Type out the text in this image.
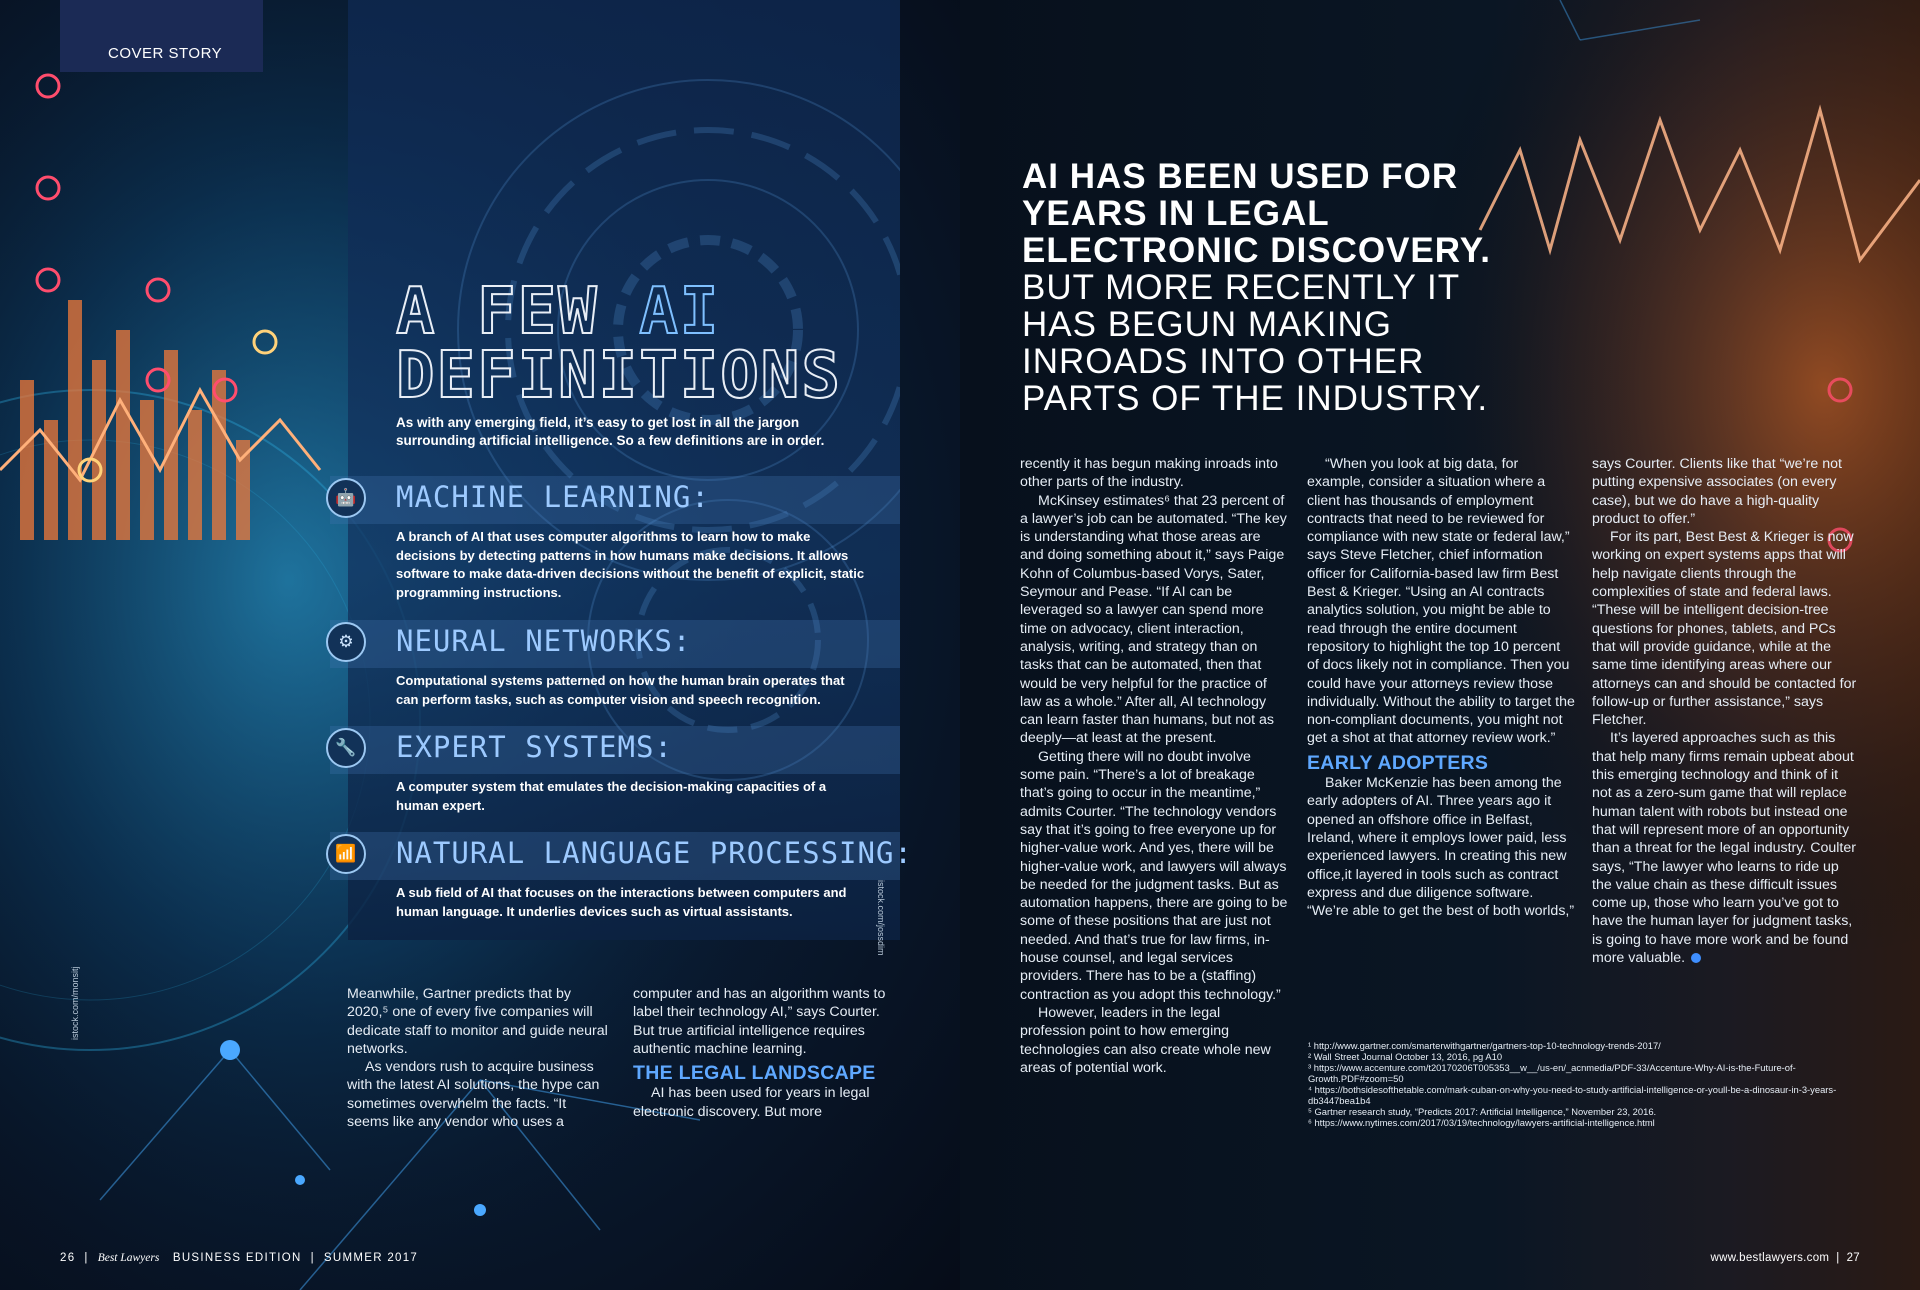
COVER STORY
A FEW AI
DEFINITIONS
As with any emerging field, it’s easy to get lost in all the jargon surrounding artificial intelligence. So a few definitions are in order.
🤖	MACHINE LEARNING:
A branch of AI that uses computer algorithms to learn how to make decisions by detecting patterns in how humans make decisions. It allows software to make data-driven decisions without the benefit of explicit, static programming instructions.
⚙	NEURAL NETWORKS:
Computational systems patterned on how the human brain operates that can perform tasks, such as computer vision and speech recognition.
🔧	EXPERT SYSTEMS:
A computer system that emulates the decision-making capacities of a human expert.
📶	NATURAL LANGUAGE PROCESSING:
A sub field of AI that focuses on the interactions between computers and human language. It underlies devices such as virtual assistants.	istock.com/jossdim
istock.com/monsitj	Meanwhile, Gartner predicts that by 2020,⁵ one of every five companies will dedicate staff to monitor and guide neural networks.

As vendors rush to acquire business with the latest AI solutions, the hype can sometimes overwhelm the facts. “It seems like any vendor who uses a

computer and has an algorithm wants to label their technology AI,” says Courter. But true artificial intelligence requires authentic machine learning.

THE LEGAL LANDSCAPE

AI has been used for years in legal electronic discovery. But more

26  |  Best Lawyers BUSINESS EDITION  |  SUMMER 2017
AI HAS BEEN USED FOR YEARS IN LEGAL ELECTRONIC DISCOVERY.
BUT MORE RECENTLY IT HAS BEGUN MAKING INROADS INTO OTHER PARTS OF THE INDUSTRY.

recently it has begun making inroads into other parts of the industry.

McKinsey estimates⁶ that 23 percent of a lawyer’s job can be automated. “The key is understanding what those areas are and doing something about it,” says Paige Kohn of Columbus-based Vorys, Sater, Seymour and Pease. “If AI can be leveraged so a lawyer can spend more time on advocacy, client interaction, analysis, writing, and strategy than on tasks that can be automated, then that would be very helpful for the practice of law as a whole.” After all, AI technology can learn faster than humans, but not as deeply—at least at the present.

Getting there will no doubt involve some pain. “There’s a lot of breakage that’s going to occur in the meantime,” admits Courter. “The technology vendors say that it’s going to free everyone up for higher-value work. And yes, there will be higher-value work, and lawyers will always be needed for the judgment tasks. But as automation happens, there are going to be some of these positions that are just not needed. And that’s true for law firms, in-house counsel, and legal services providers. There has to be a (staffing) contraction as you adopt this technology.”

However, leaders in the legal profession point to how emerging technologies can also create whole new areas of potential work.

“When you look at big data, for example, consider a situation where a client has thousands of employment contracts that need to be reviewed for compliance with new state or federal law,” says Steve Fletcher, chief information officer for California-based law firm Best Best & Krieger. “Using an AI contracts analytics solution, you might be able to read through the entire document repository to highlight the top 10 percent of docs likely not in compliance. Then you could have your attorneys review those individually. Without the ability to target the non-compliant documents, you might not get a shot at that attorney review work.”

EARLY ADOPTERS

Baker McKenzie has been among the early adopters of AI. Three years ago it opened an offshore office in Belfast, Ireland, where it employs lower paid, less experienced lawyers. In creating this new office,it layered in tools such as contract express and due diligence software. “We’re able to get the best of both worlds,”

says Courter. Clients like that “we’re not putting expensive associates (on every case), but we do have a high-quality product to offer.”

For its part, Best Best & Krieger is now working on expert systems apps that will help navigate clients through the complexities of state and federal laws. “These will be intelligent decision-tree questions for phones, tablets, and PCs that will provide guidance, while at the same time identifying areas where our attorneys can and should be contacted for follow-up or further assistance,” says Fletcher.

It’s layered approaches such as this that help many firms remain upbeat about this emerging technology and think of it not as a zero-sum game that will replace human talent with robots but instead one that will represent more of an opportunity than a threat for the legal industry. Coulter says, “The lawyer who learns to ride up the value chain as these difficult issues come up, those who learn you’ve got to have the human layer for judgment tasks, is going to have more work and be found more valuable.

¹ http://www.gartner.com/smarterwithgartner/gartners-top-10-technology-trends-2017/
² Wall Street Journal October 13, 2016, pg A10
³ https://www.accenture.com/t20170206T005353__w__/us-en/_acnmedia/PDF-33/Accenture-Why-AI-is-the-Future-of-Growth.PDF#zoom=50
⁴ https://bothsidesofthetable.com/mark-cuban-on-why-you-need-to-study-artificial-intelligence-or-youll-be-a-dinosaur-in-3-years-db3447bea1b4
⁵ Gartner research study, “Predicts 2017: Artificial Intelligence,” November 23, 2016.
⁶ https://www.nytimes.com/2017/03/19/technology/lawyers-artificial-intelligence.html
www.bestlawyers.com  |  27
